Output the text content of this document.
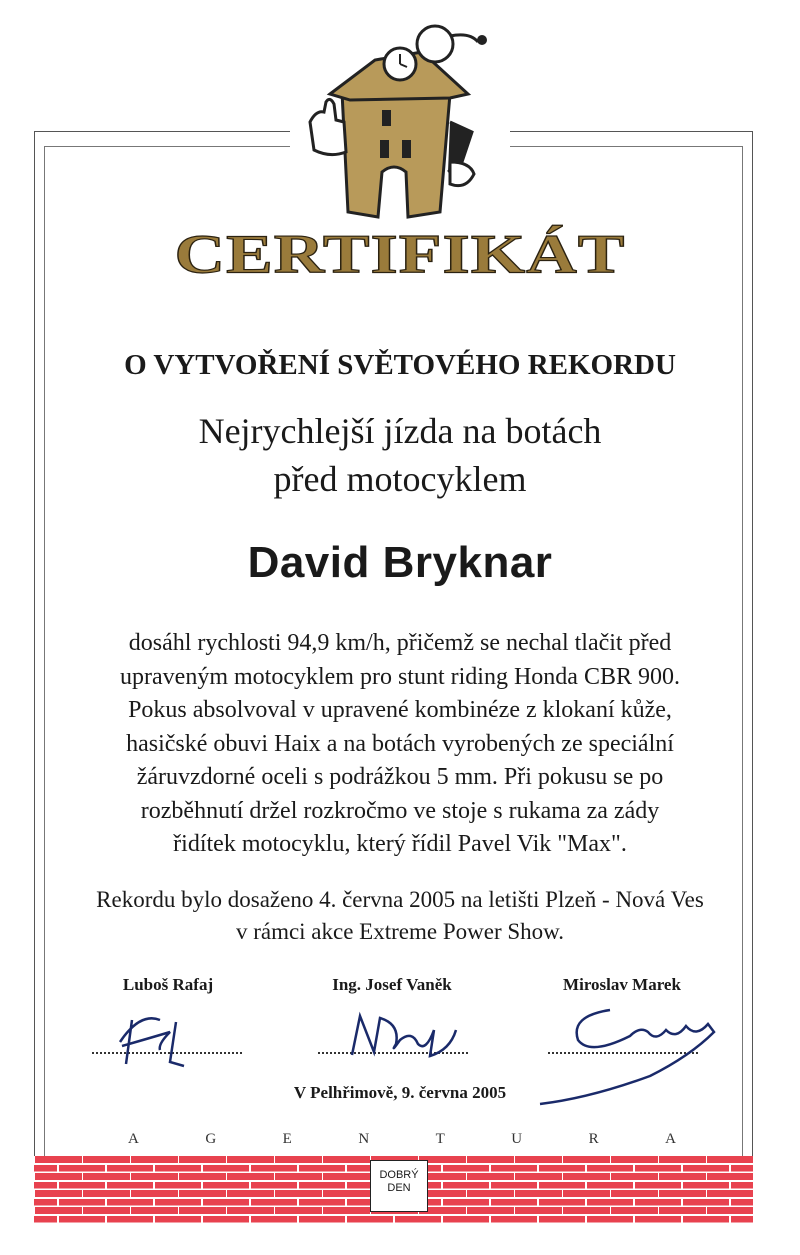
CERTIFIKÁT
O VYTVOŘENÍ SVĚTOVÉHO REKORDU
Nejrychlejší jízda na botách
před motocyklem
David Bryknar
dosáhl rychlosti 94,9 km/h, přičemž se nechal tlačit před
upraveným motocyklem pro stunt riding Honda CBR 900.
Pokus absolvoval v upravené kombinéze z klokaní kůže,
hasičské obuvi Haix a na botách vyrobených ze speciální
žáruvzdorné oceli s podrážkou 5 mm. Při pokusu se po
rozběhnutí držel rozkročmo ve stoje s rukama za zády
řidítek motocyklu, který řídil Pavel Vik "Max".
Rekordu bylo dosaženo 4. června 2005 na letišti Plzeň - Nová Ves
v rámci akce Extreme Power Show.
Luboš Rafaj	Ing. Josef Vaněk	Miroslav Marek
V Pelhřimově, 9. června 2005
A	G	E	N	T	U	R	A
DOBRÝ
DEN
